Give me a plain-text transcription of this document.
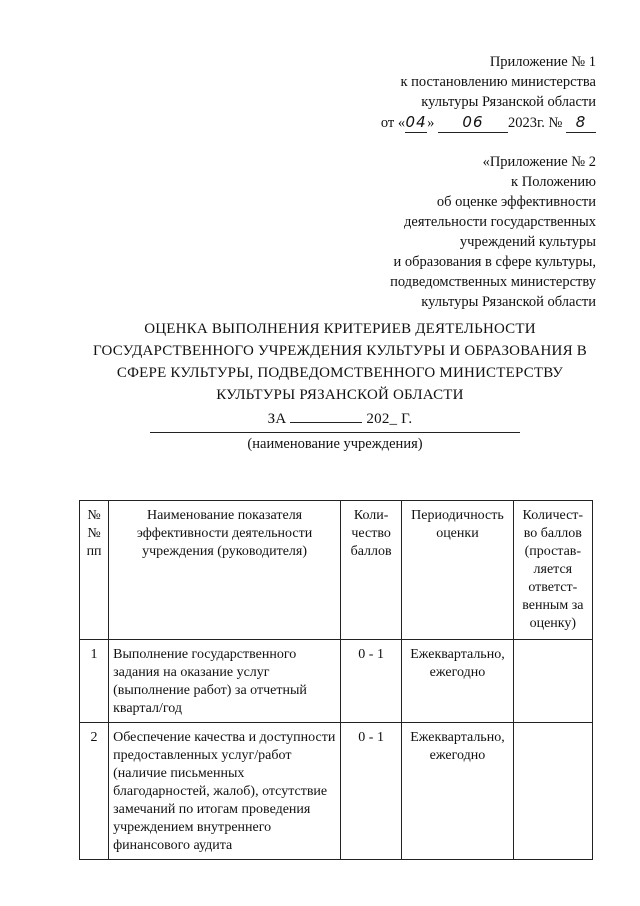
Приложение № 1
к постановлению министерства
культуры Рязанской области
от «04» 06 2023г. № 8
«Приложение № 2
к Положению
об оценке эффективности
деятельности государственных
учреждений культуры
и образования в сфере культуры,
подведомственных министерству
культуры Рязанской области
ОЦЕНКА ВЫПОЛНЕНИЯ КРИТЕРИЕВ ДЕЯТЕЛЬНОСТИ
ГОСУДАРСТВЕННОГО УЧРЕЖДЕНИЯ КУЛЬТУРЫ И ОБРАЗОВАНИЯ В
СФЕРЕ КУЛЬТУРЫ, ПОДВЕДОМСТВЕННОГО МИНИСТЕРСТВУ
КУЛЬТУРЫ РЯЗАНСКОЙ ОБЛАСТИ
ЗА	202_ Г.
(наименование учреждения)
№ № пп	Наименование показателя эффективности деятельности учреждения (руководителя)	Коли-чество баллов	Периодичность оценки	Количест-во баллов (простав-ляется ответст-венным за оценку)
1	Выполнение государственного задания на оказание услуг (выполнение работ) за отчетный квартал/год	0 - 1	Ежеквартально, ежегодно	
2	Обеспечение качества и доступности предоставленных услуг/работ (наличие письменных благодарностей, жалоб), отсутствие замечаний по итогам проведения учреждением внутреннего финансового аудита	0 - 1	Ежеквартально, ежегодно	
